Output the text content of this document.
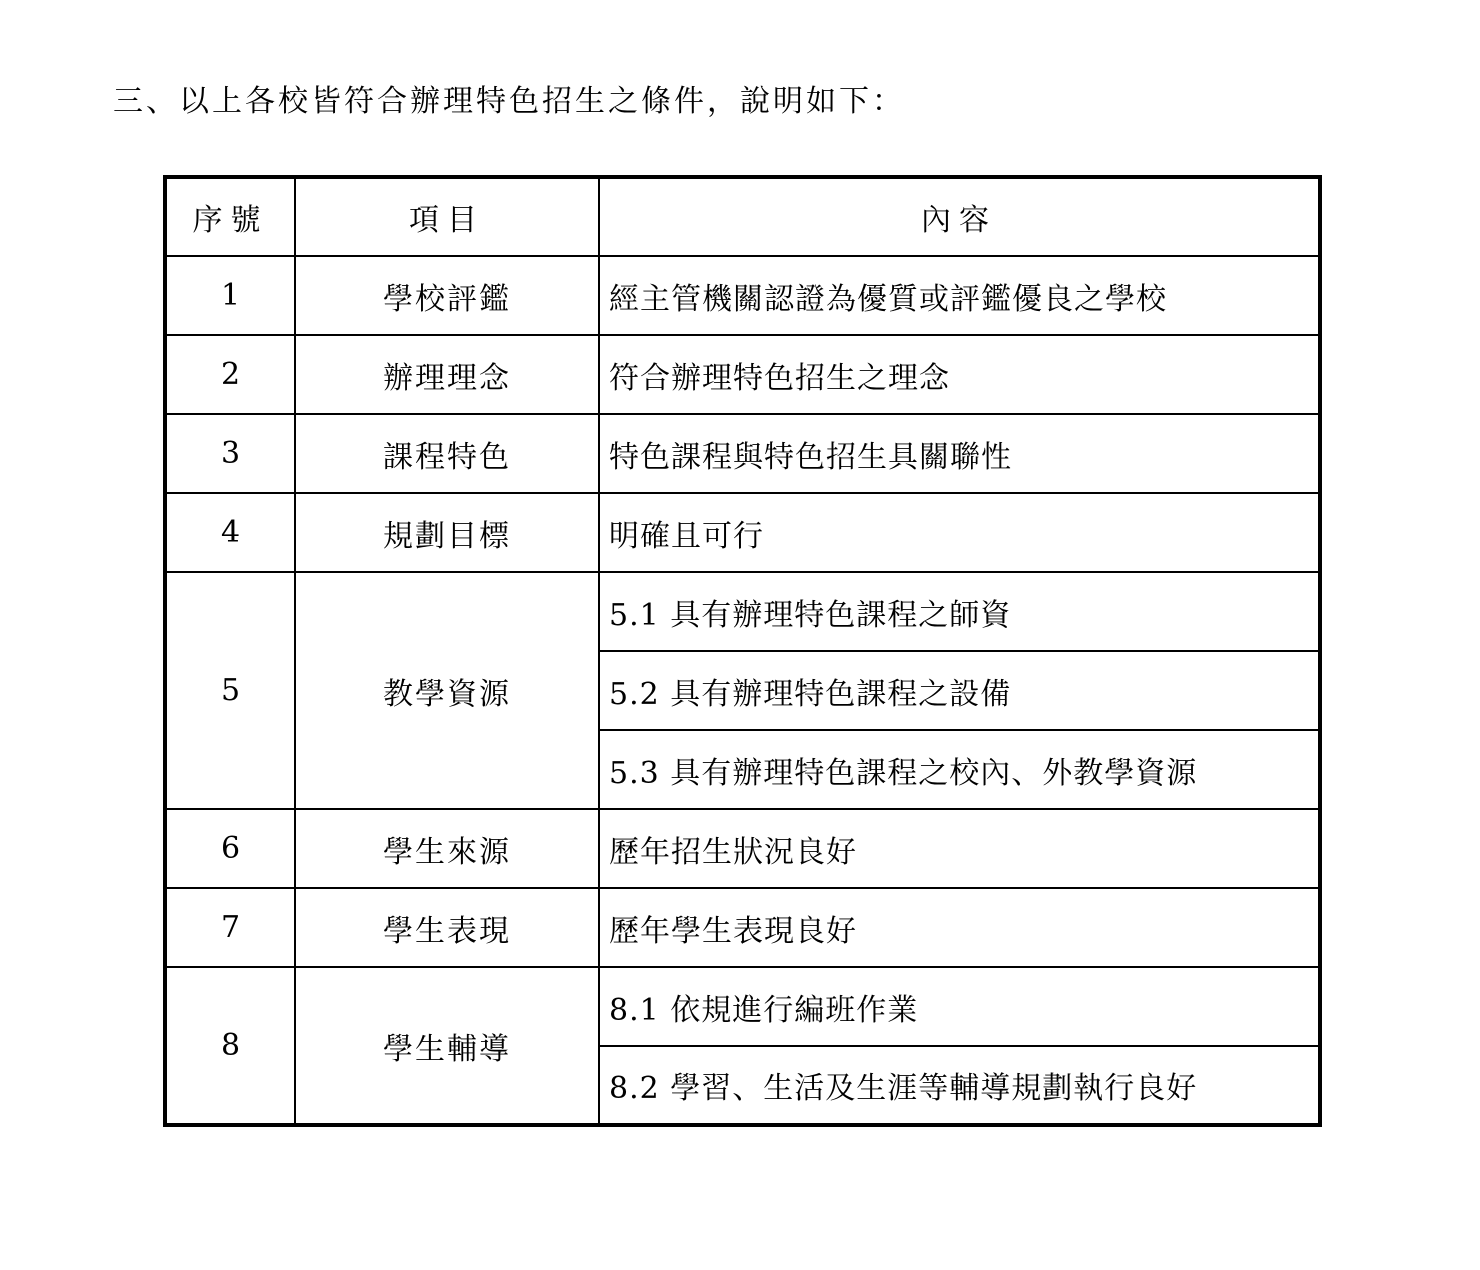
三、以上各校皆符合辦理特色招生之條件，說明如下：
序號	項目	內容
1	學校評鑑	經主管機關認證為優質或評鑑優良之學校
2	辦理理念	符合辦理特色招生之理念
3	課程特色	特色課程與特色招生具關聯性
4	規劃目標	明確且可行
5	教學資源	5.1 具有辦理特色課程之師資
		5.2 具有辦理特色課程之設備
		5.3 具有辦理特色課程之校內、外教學資源
6	學生來源	歷年招生狀況良好
7	學生表現	歷年學生表現良好
8	學生輔導	8.1 依規進行編班作業
		8.2 學習、生活及生涯等輔導規劃執行良好
